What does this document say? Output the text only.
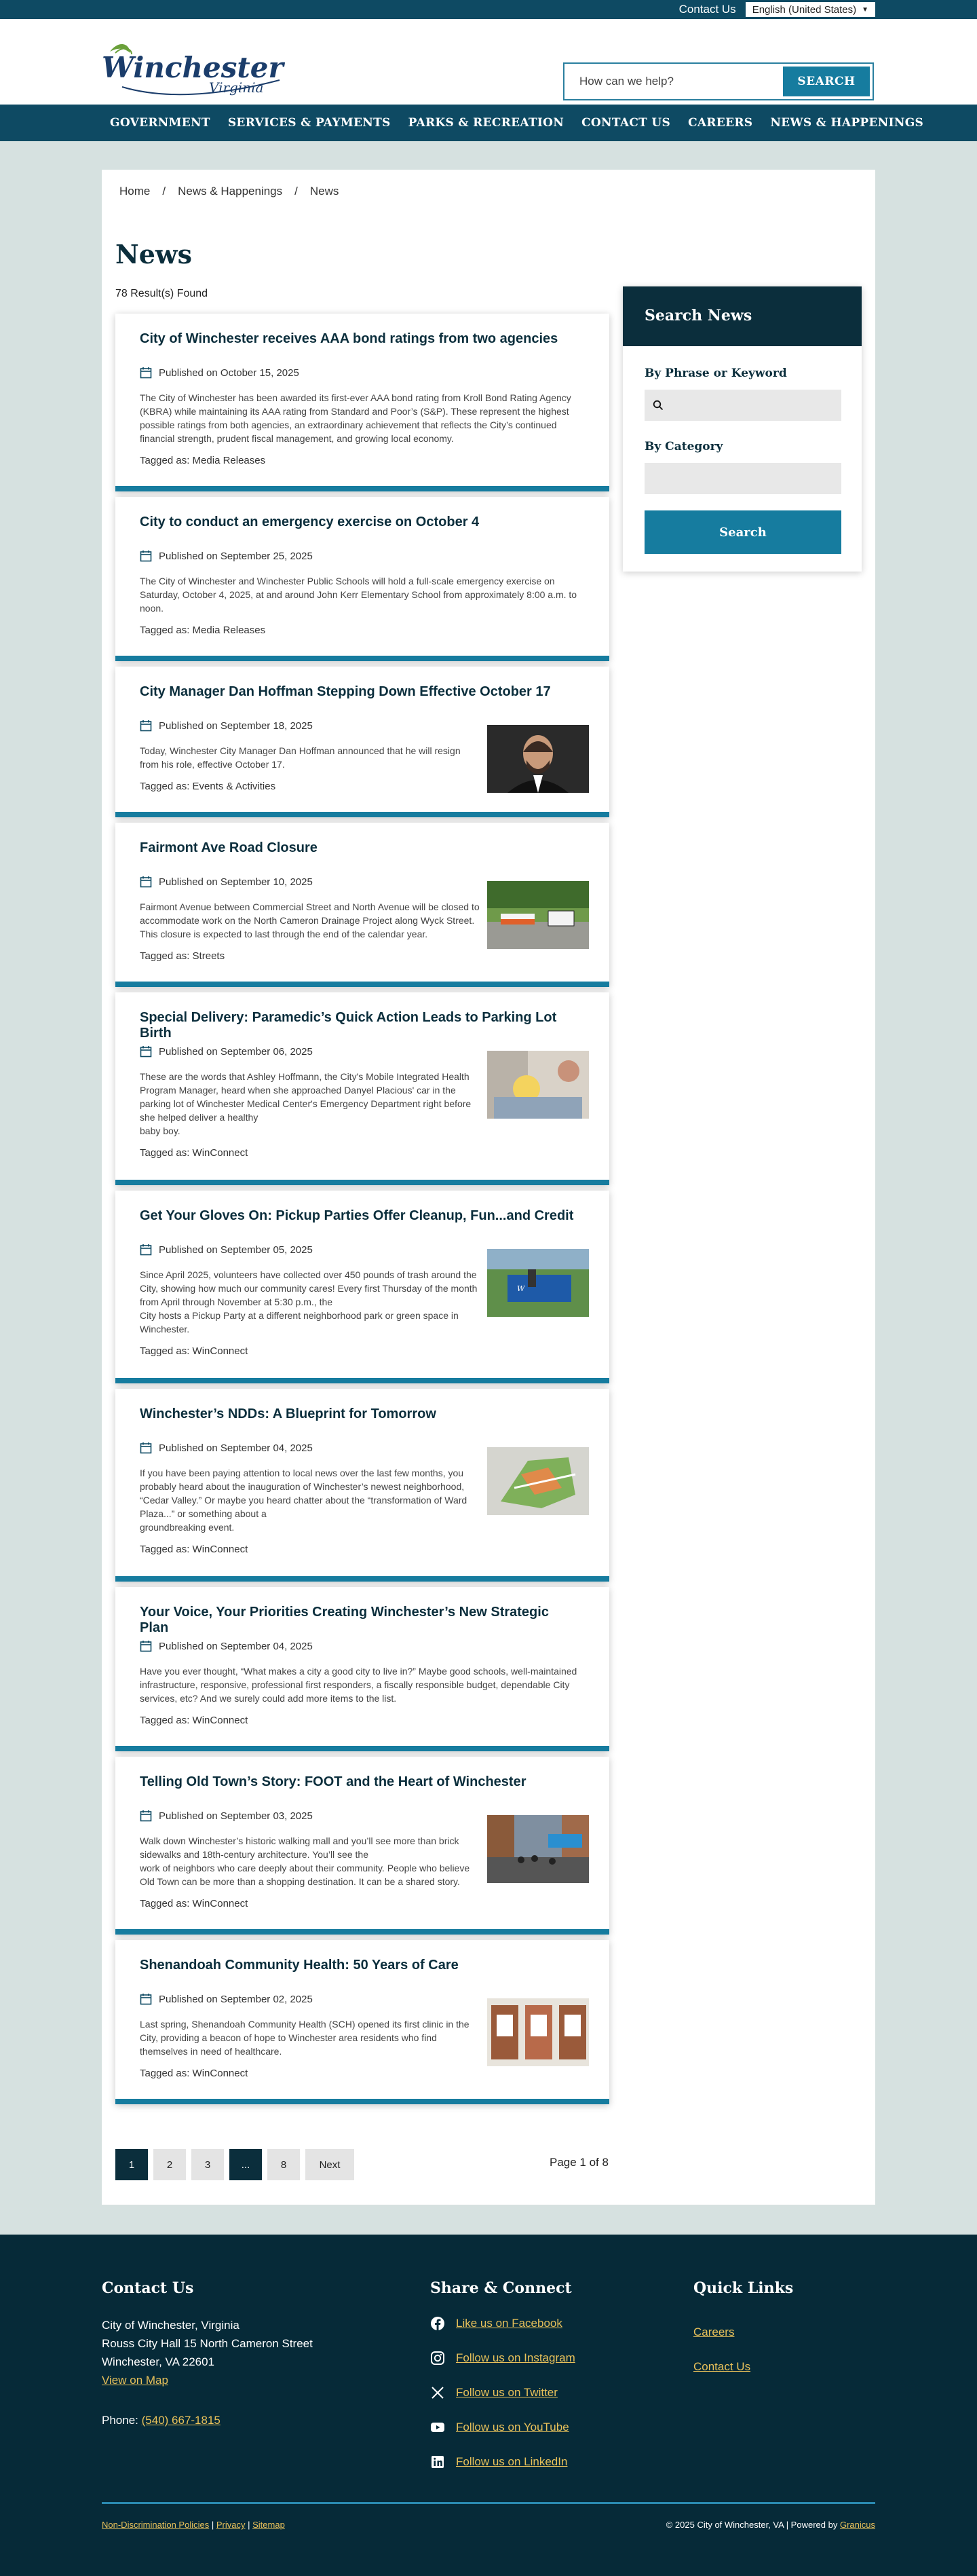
Contact Us English (United States) ▼
Winchester
Virginia
How can we help?	SEARCH
GOVERNMENT SERVICES & PAYMENTS PARKS & RECREATION CONTACT US CAREERS NEWS & HAPPENINGS
Home / News & Happenings / News
News
78 Result(s) Found
City of Winchester receives AAA bond ratings from two agencies
Published on October 15, 2025
The City of Winchester has been awarded its first-ever AAA bond rating from Kroll Bond Rating Agency
(KBRA) while maintaining its AAA rating from Standard and Poor’s (S&P). These represent the highest
possible ratings from both agencies, an extraordinary achievement that reflects the City’s continued
financial strength, prudent fiscal management, and growing local economy.
Tagged as: Media Releases
City to conduct an emergency exercise on October 4
Published on September 25, 2025
The City of Winchester and Winchester Public Schools will hold a full-scale emergency exercise on
Saturday, October 4, 2025, at and around John Kerr Elementary School from approximately 8:00 a.m. to
noon.
Tagged as: Media Releases
City Manager Dan Hoffman Stepping Down Effective October 17
Published on September 18, 2025
Today, Winchester City Manager Dan Hoffman announced that he will resign
from his role, effective October 17.
Tagged as: Events & Activities
Fairmont Ave Road Closure
Published on September 10, 2025
Fairmont Avenue between Commercial Street and North Avenue will be closed to
accommodate work on the North Cameron Drainage Project along Wyck Street.
This closure is expected to last through the end of the calendar year.
Tagged as: Streets
Special Delivery: Paramedic’s Quick Action Leads to Parking Lot Birth
Published on September 06, 2025
These are the words that Ashley Hoffmann, the City's Mobile Integrated Health
Program Manager, heard when she approached Danyel Placious' car in the
parking lot of Winchester Medical Center's Emergency Department right before
she helped deliver a healthy
baby boy.
Tagged as: WinConnect
Get Your Gloves On: Pickup Parties Offer Cleanup, Fun...and Credit
Published on September 05, 2025
Since April 2025, volunteers have collected over 450 pounds of trash around the
City, showing how much our community cares! Every first Thursday of the month
from April through November at 5:30 p.m., the
City hosts a Pickup Party at a different neighborhood park or green space in
Winchester.
Tagged as: WinConnect
W
Winchester’s NDDs: A Blueprint for Tomorrow
Published on September 04, 2025
If you have been paying attention to local news over the last few months, you
probably heard about the inauguration of Winchester’s newest neighborhood,
“Cedar Valley.” Or maybe you heard chatter about the “transformation of Ward
Plaza...” or something about a
groundbreaking event.
Tagged as: WinConnect
Your Voice, Your Priorities Creating Winchester’s New Strategic Plan
Published on September 04, 2025
Have you ever thought, “What makes a city a good city to live in?” Maybe good schools, well-maintained
infrastructure, responsive, professional first responders, a fiscally responsible budget, dependable City
services, etc? And we surely could add more items to the list.
Tagged as: WinConnect
Telling Old Town’s Story: FOOT and the Heart of Winchester
Published on September 03, 2025
Walk down Winchester’s historic walking mall and you’ll see more than brick
sidewalks and 18th-century architecture. You’ll see the
work of neighbors who care deeply about their community. People who believe
Old Town can be more than a shopping destination. It can be a shared story.
Tagged as: WinConnect
Shenandoah Community Health: 50 Years of Care
Published on September 02, 2025
Last spring, Shenandoah Community Health (SCH) opened its first clinic in the
City, providing a beacon of hope to Winchester area residents who find
themselves in need of healthcare.
Tagged as: WinConnect
Search News
By Phrase or Keyword
By Category
Search
1	2	3	...	8	Next	Page 1 of 8
Contact Us
City of Winchester, Virginia
Rouss City Hall 15 North Cameron Street
Winchester, VA 22601
View on Map
Phone: (540) 667-1815
Share & Connect
Like us on Facebook
Follow us on Instagram
Follow us on Twitter
Follow us on YouTube
Follow us on LinkedIn
Quick Links
Careers
Contact Us
Non-Discrimination Policies | Privacy | Sitemap	© 2025 City of Winchester, VA | Powered by Granicus
